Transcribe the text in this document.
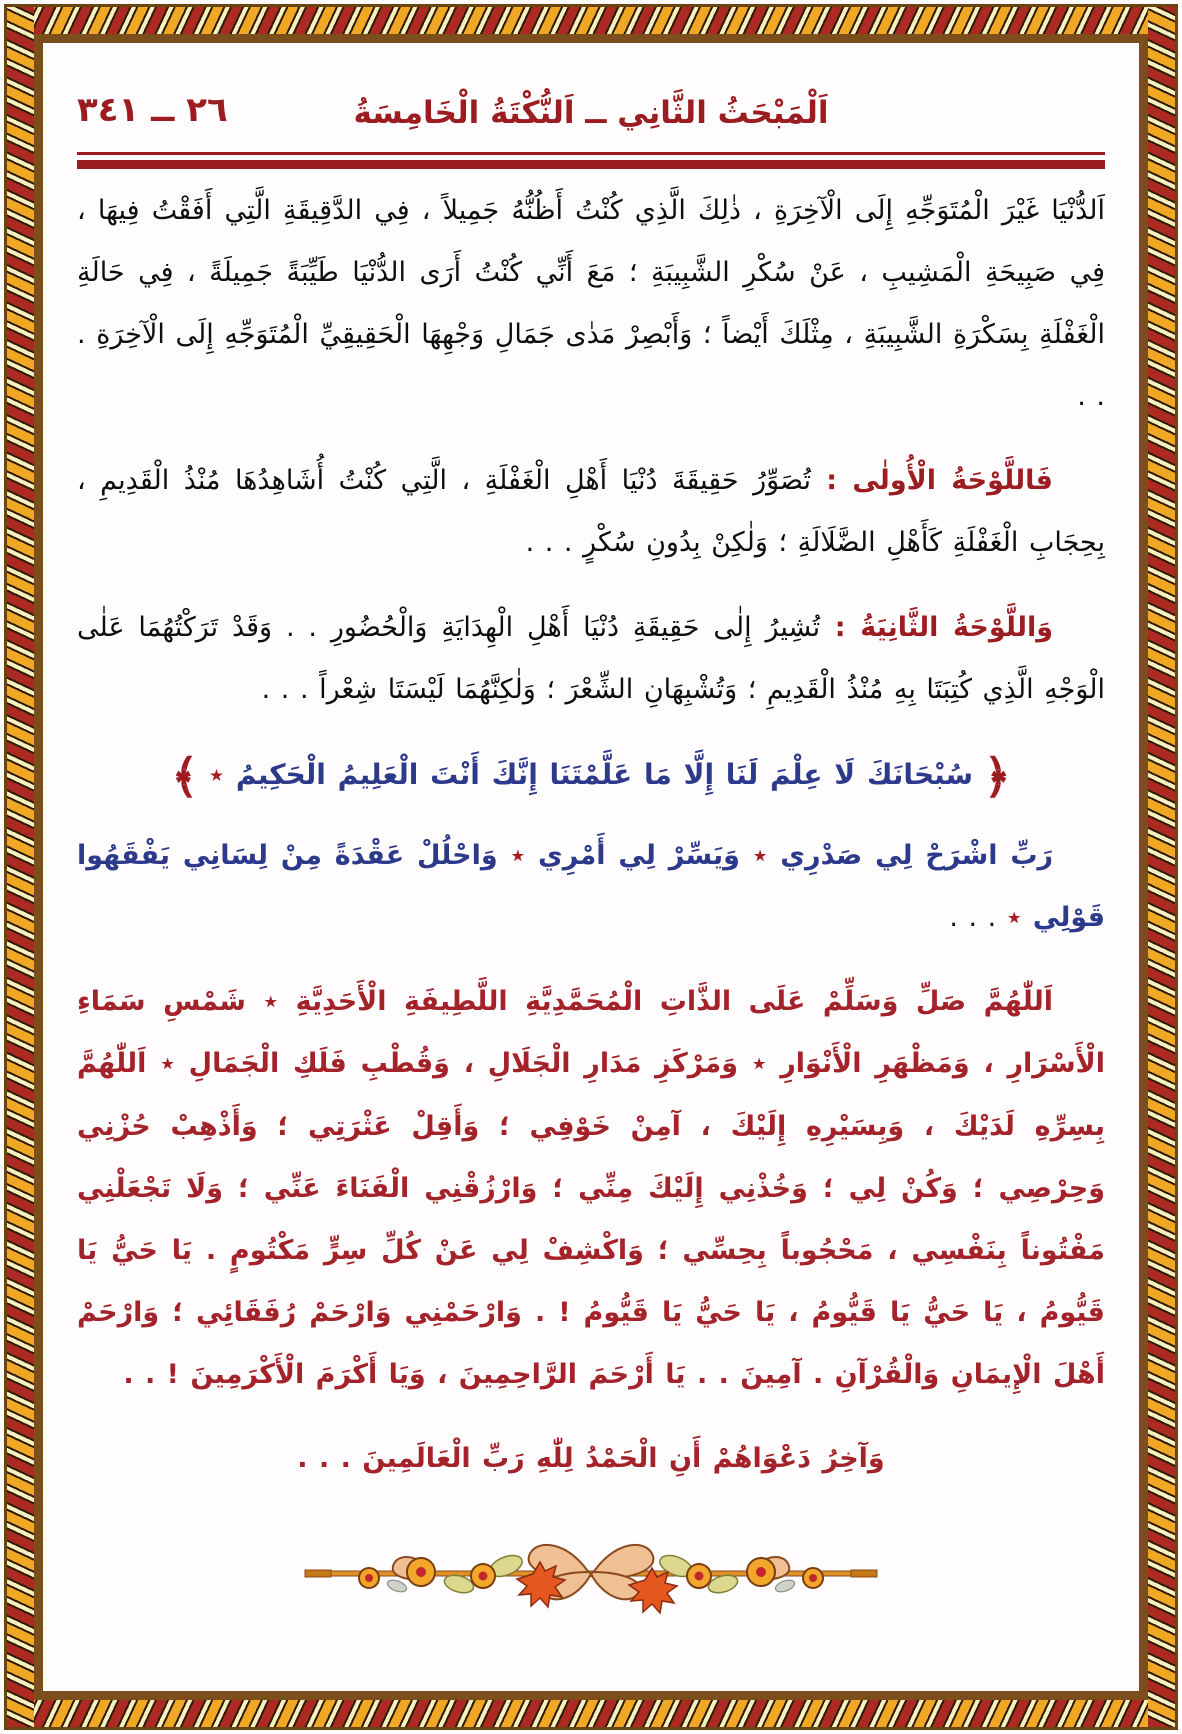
٢٦ ــ ٣٤١	اَلْمَبْحَثُ الثَّانِي ــ اَلنُّكْتَةُ الْخَامِسَةُ

اَلدُّنْيَا غَيْرَ الْمُتَوَجِّهِ إِلَى الْآخِرَةِ ، ذٰلِكَ الَّذِي كُنْتُ أَظُنُّهُ جَمِيلاً ، فِي الدَّقِيقَةِ الَّتِي أَفَقْتُ فِيهَا ، فِي صَبِيحَةِ الْمَشِيبِ ، عَنْ سُكْرِ الشَّبِيبَةِ ؛ مَعَ أَنِّي كُنْتُ أَرَى الدُّنْيَا طَيِّبَةً جَمِيلَةً ، فِي حَالَةِ الْغَفْلَةِ بِسَكْرَةِ الشَّبِيبَةِ ، مِثْلَكَ أَيْضاً ؛ وَأَبْصِرْ مَدٰى جَمَالِ وَجْهِهَا الْحَقِيقِيِّ الْمُتَوَجِّهِ إِلَى الْآخِرَةِ . . .

فَاللَّوْحَةُ الْأُولٰى : تُصَوِّرُ حَقِيقَةَ دُنْيَا أَهْلِ الْغَفْلَةِ ، الَّتِي كُنْتُ أُشَاهِدُهَا مُنْذُ الْقَدِيمِ ، بِحِجَابِ الْغَفْلَةِ كَأَهْلِ الضَّلَالَةِ ؛ وَلٰكِنْ بِدُونِ سُكْرٍ . . .

وَاللَّوْحَةُ الثَّانِيَةُ : تُشِيرُ إِلٰى حَقِيقَةِ دُنْيَا أَهْلِ الْهِدَايَةِ وَالْحُضُورِ . . وَقَدْ تَرَكْتُهُمَا عَلٰى الْوَجْهِ الَّذِي كُتِبَتَا بِهِ مُنْذُ الْقَدِيمِ ؛ وَتُشْبِهَانِ الشِّعْرَ ؛ وَلٰكِنَّهُمَا لَيْسَتَا شِعْراً . . .

﴿ سُبْحَانَكَ لَا عِلْمَ لَنَا إِلَّا مَا عَلَّمْتَنَا إِنَّكَ أَنْتَ الْعَلِيمُ الْحَكِيمُ ٭ ﴾

رَبِّ اشْرَحْ لِي صَدْرِي ٭ وَيَسِّرْ لِي أَمْرِي ٭ وَاحْلُلْ عَقْدَةً مِنْ لِسَانِي يَفْقَهُوا قَوْلِي ٭ . . .

اَللّٰهُمَّ صَلِّ وَسَلِّمْ عَلَى الذَّاتِ الْمُحَمَّدِيَّةِ اللَّطِيفَةِ الْأَحَدِيَّةِ ٭ شَمْسِ سَمَاءِ الْأَسْرَارِ ، وَمَظْهَرِ الْأَنْوَارِ ٭ وَمَرْكَزِ مَدَارِ الْجَلَالِ ، وَقُطْبِ فَلَكِ الْجَمَالِ ٭ اَللّٰهُمَّ بِسِرِّهِ لَدَيْكَ ، وَبِسَيْرِهِ إِلَيْكَ ، آمِنْ خَوْفِي ؛ وَأَقِلْ عَثْرَتِي ؛ وَأَذْهِبْ حُزْنِي وَحِرْصِي ؛ وَكُنْ لِي ؛ وَخُذْنِي إِلَيْكَ مِنِّي ؛ وَارْزُقْنِي الْفَنَاءَ عَنِّي ؛ وَلَا تَجْعَلْنِي مَفْتُوناً بِنَفْسِي ، مَحْجُوباً بِحِسِّي ؛ وَاكْشِفْ لِي عَنْ كُلِّ سِرٍّ مَكْتُومٍ . يَا حَيُّ يَا قَيُّومُ ، يَا حَيُّ يَا قَيُّومُ ، يَا حَيُّ يَا قَيُّومُ ! . وَارْحَمْنِي وَارْحَمْ رُفَقَائِي ؛ وَارْحَمْ أَهْلَ الْإِيمَانِ وَالْقُرْآنِ . آمِينَ . . يَا أَرْحَمَ الرَّاحِمِينَ ، وَيَا أَكْرَمَ الْأَكْرَمِينَ ! . .

وَآخِرُ دَعْوَاهُمْ أَنِ الْحَمْدُ لِلّٰهِ رَبِّ الْعَالَمِينَ . . .
